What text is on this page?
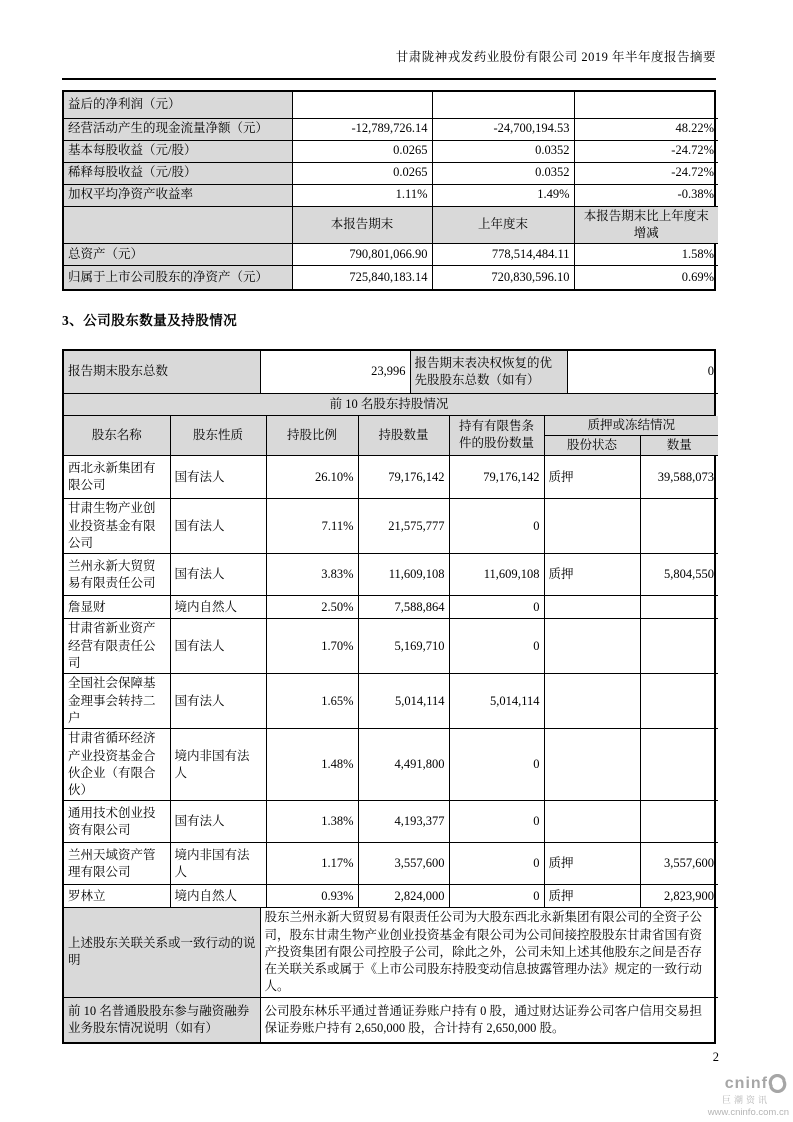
甘肃陇神戎发药业股份有限公司 2019 年半年度报告摘要
益后的净利润（元）			
经营活动产生的现金流量净额（元）	-12,789,726.14	-24,700,194.53	48.22%
基本每股收益（元/股）	0.0265	0.0352	-24.72%
稀释每股收益（元/股）	0.0265	0.0352	-24.72%
加权平均净资产收益率	1.11%	1.49%	-0.38%
	本报告期末	上年度末	本报告期末比上年度末增减
总资产（元）	790,801,066.90	778,514,484.11	1.58%
归属于上市公司股东的净资产（元）	725,840,183.14	720,830,596.10	0.69%
3、公司股东数量及持股情况
报告期末股东总数	23,996	报告期末表决权恢复的优先股股东总数（如有）	0
前 10 名股东持股情况
股东名称	股东性质	持股比例	持股数量	持有有限售条件的股份数量	质押或冻结情况	
					股份状态	数量
西北永新集团有限公司	国有法人	26.10%	79,176,142	79,176,142	质押	39,588,073
甘肃生物产业创业投资基金有限公司	国有法人	7.11%	21,575,777	0		
兰州永新大贸贸易有限责任公司	国有法人	3.83%	11,609,108	11,609,108	质押	5,804,550
詹显财	境内自然人	2.50%	7,588,864	0		
甘肃省新业资产经营有限责任公司	国有法人	1.70%	5,169,710	0		
全国社会保障基金理事会转持二户	国有法人	1.65%	5,014,114	5,014,114		
甘肃省循环经济产业投资基金合伙企业（有限合伙）	境内非国有法人	1.48%	4,491,800	0		
通用技术创业投资有限公司	国有法人	1.38%	4,193,377	0		
兰州天域资产管理有限公司	境内非国有法人	1.17%	3,557,600	0	质押	3,557,600
罗林立	境内自然人	0.93%	2,824,000	0	质押	2,823,900
上述股东关联关系或一致行动的说明	股东兰州永新大贸贸易有限责任公司为大股东西北永新集团有限公司的全资子公司，股东甘肃生物产业创业投资基金有限公司为公司间接控股股东甘肃省国有资产投资集团有限公司控股子公司，除此之外，公司未知上述其他股东之间是否存在关联关系或属于《上市公司股东持股变动信息披露管理办法》规定的一致行动人。
前 10 名普通股股东参与融资融券业务股东情况说明（如有）	公司股东林乐平通过普通证券账户持有 0 股，通过财达证券公司客户信用交易担保证券账户持有 2,650,000 股，合计持有 2,650,000 股。
2
cninf
巨潮资讯
www.cninfo.com.cn
